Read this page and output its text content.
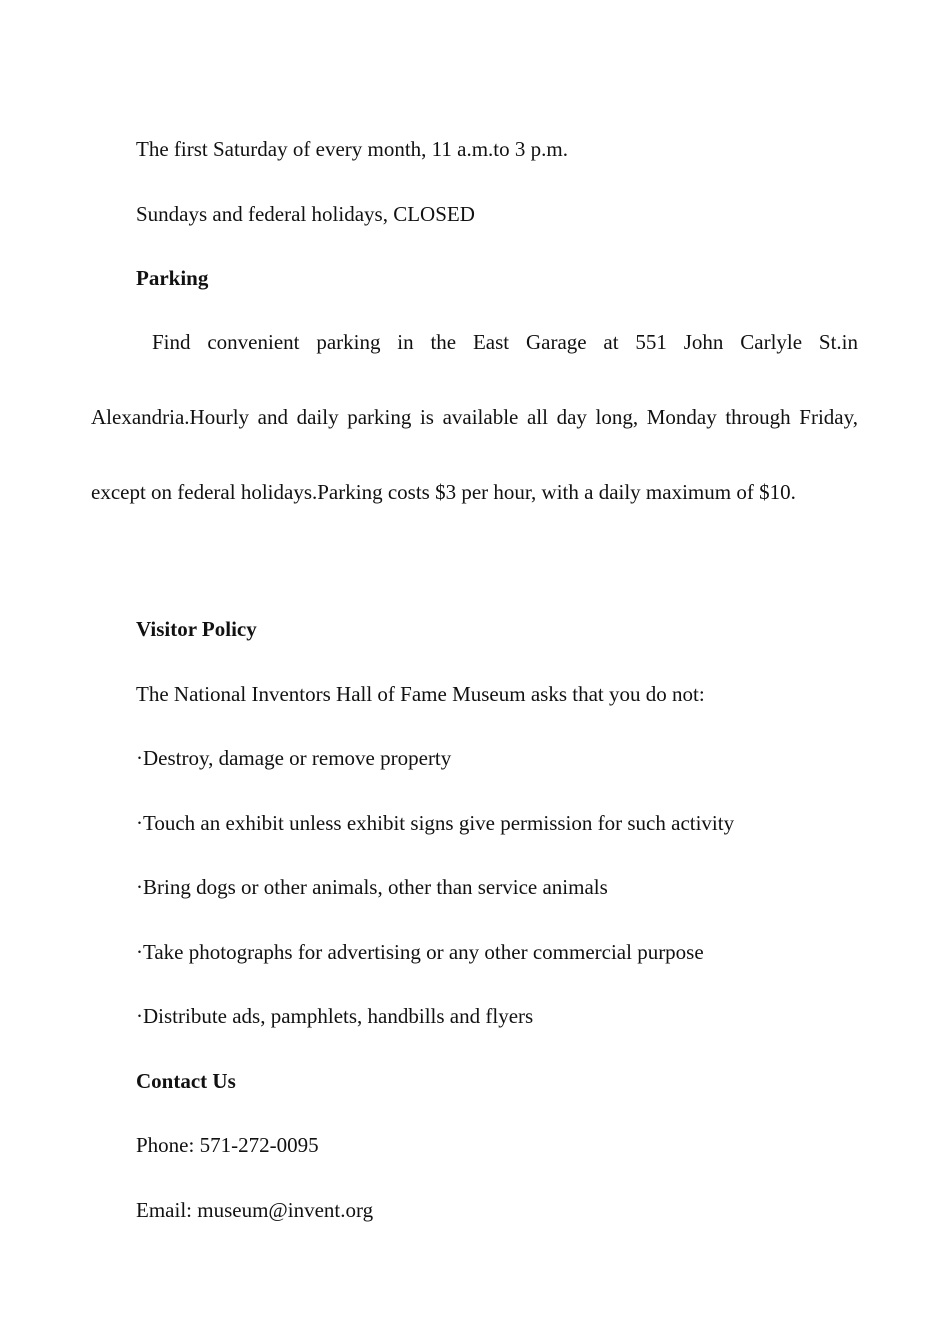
The first Saturday of every month, 11 a.m.to 3 p.m.

Sundays and federal holidays, CLOSED

Parking

Find convenient parking in the East Garage at 551 John Carlyle St.in Alexandria.Hourly and daily parking is available all day long, Monday through Friday, except on federal holidays.Parking costs $3 per hour, with a daily maximum of $10.

Visitor Policy

The National Inventors Hall of Fame Museum asks that you do not:

·Destroy, damage or remove property

·Touch an exhibit unless exhibit signs give permission for such activity

·Bring dogs or other animals, other than service animals

·Take photographs for advertising or any other commercial purpose

·Distribute ads, pamphlets, handbills and flyers

Contact Us

Phone: 571-272-0095

Email: museum@invent.org
